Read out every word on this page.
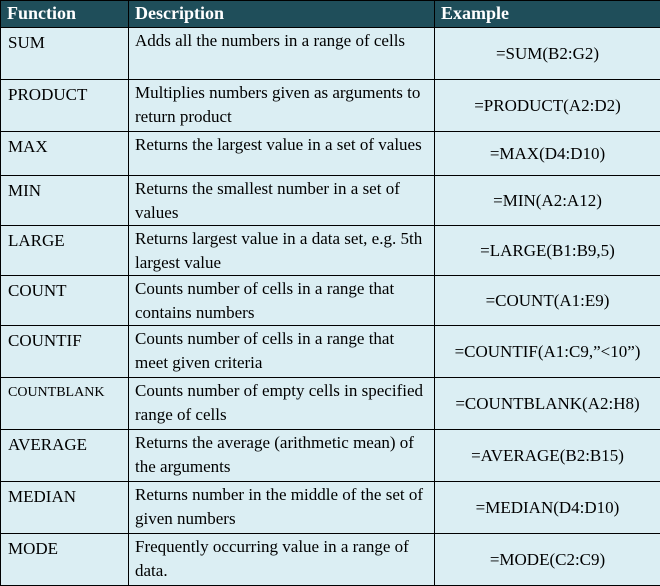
Function	Description	Example
SUM	Adds all the numbers in a range of cells	=SUM(B2:G2)
PRODUCT	Multiplies numbers given as arguments to return product	=PRODUCT(A2:D2)
MAX	Returns the largest value in a set of values	=MAX(D4:D10)
MIN	Returns the smallest number in a set of values	=MIN(A2:A12)
LARGE	Returns largest value in a data set, e.g. 5th largest value	=LARGE(B1:B9,5)
COUNT	Counts number of cells in a range that contains numbers	=COUNT(A1:E9)
COUNTIF	Counts number of cells in a range that meet given criteria	=COUNTIF(A1:C9,”<10”)
COUNTBLANK	Counts number of empty cells in specified range of cells	=COUNTBLANK(A2:H8)
AVERAGE	Returns the average (arithmetic mean) of the arguments	=AVERAGE(B2:B15)
MEDIAN	Returns number in the middle of the set of given numbers	=MEDIAN(D4:D10)
MODE	Frequently occurring value in a range of data.	=MODE(C2:C9)
